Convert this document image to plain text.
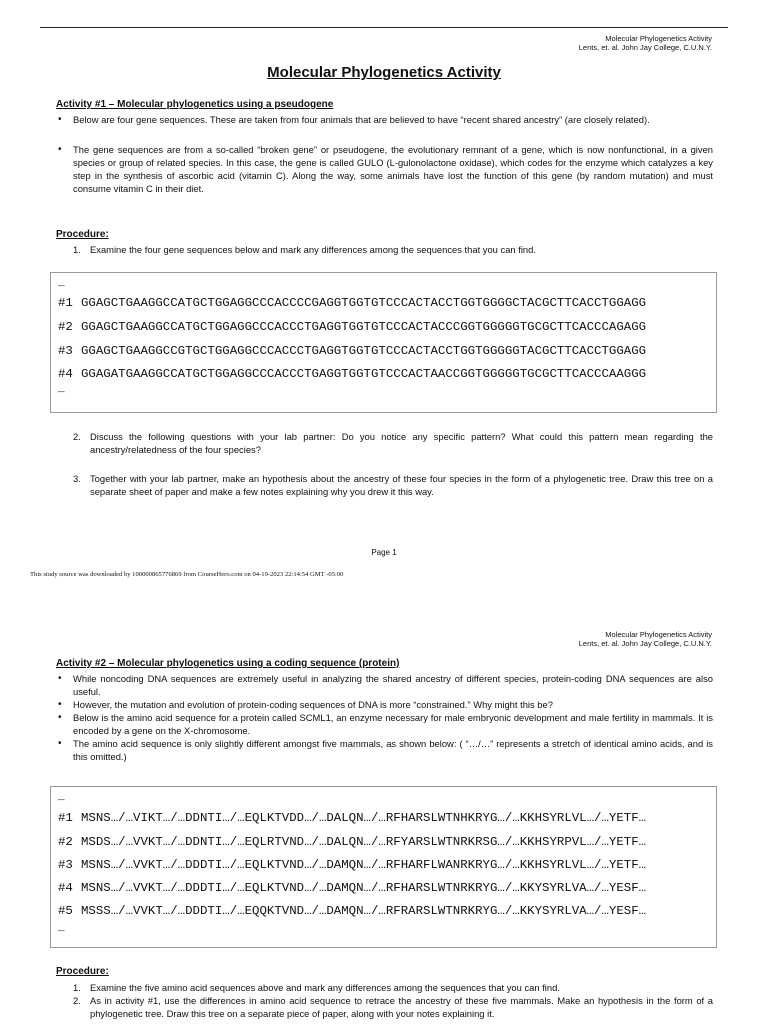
Molecular Phylogenetics Activity
Lents, et. al. John Jay College, C.U.N.Y.
Molecular Phylogenetics Activity
Activity #1 – Molecular phylogenetics using a pseudogene
• Below are four gene sequences. These are taken from four animals that are believed to have “recent shared ancestry” (are closely related).
• The gene sequences are from a so-called “broken gene” or pseudogene, the evolutionary remnant of a gene, which is now nonfunctional, in a given species or group of related species. In this case, the gene is called GULO (L-gulonolactone oxidase), which codes for the enzyme which catalyzes a key step in the synthesis of ascorbic acid (vitamin C). Along the way, some animals have lost the function of this gene (by random mutation) and must consume vitamin C in their diet.
Procedure:
1. Examine the four gene sequences below and mark any differences among the sequences that you can find.
_
#1 GGAGCTGAAGGCCATGCTGGAGGCCCACCCCGAGGTGGTGTCCCACTACCTGGTGGGGCTACGCTTCACCTGGAGG
#2 GGAGCTGAAGGCCATGCTGGAGGCCCACCCTGAGGTGGTGTCCCACTACCCGGTGGGGGTGCGCTTCACCCAGAGG
#3 GGAGCTGAAGGCCGTGCTGGAGGCCCACCCTGAGGTGGTGTCCCACTACCTGGTGGGGGTACGCTTCACCTGGAGG
#4 GGAGATGAAGGCCATGCTGGAGGCCCACCCTGAGGTGGTGTCCCACTAACCGGTGGGGGTGCGCTTCACCCAAGGG
_
2. Discuss the following questions with your lab partner: Do you notice any specific pattern? What could this pattern mean regarding the ancestry/relatedness of the four species?
3. Together with your lab partner, make an hypothesis about the ancestry of these four species in the form of a phylogenetic tree. Draw this tree on a separate sheet of paper and make a few notes explaining why you drew it this way.
Page 1
This study source was downloaded by 100000865776869 from CourseHero.com on 04-19-2023 22:14:54 GMT -05:00
Molecular Phylogenetics Activity
Lents, et. al. John Jay College, C.U.N.Y.
Activity #2 – Molecular phylogenetics using a coding sequence (protein)
• While noncoding DNA sequences are extremely useful in analyzing the shared ancestry of different species, protein-coding DNA sequences are also useful.
• However, the mutation and evolution of protein-coding sequences of DNA is more “constrained.” Why might this be?
• Below is the amino acid sequence for a protein called SCML1, an enzyme necessary for male embryonic development and male fertility in mammals. It is encoded by a gene on the X-chromosome.
• The amino acid sequence is only slightly different amongst five mammals, as shown below: ( “…/…” represents a stretch of identical amino acids, and is this omitted.)
_
#1 MSNS…/…VIKT…/…DDNTI…/…EQLKTVDD…/…DALQN…/…RFHARSLWTNHKRYG…/…KKHSYRLVL…/…YETF…
#2 MSDS…/…VVKT…/…DDNTI…/…EQLRTVND…/…DALQN…/…RFYARSLWTNRKRSG…/…KKHSYRPVL…/…YETF…
#3 MSNS…/…VVKT…/…DDDTI…/…EQLKTVND…/…DAMQN…/…RFHARFLWANRKRYG…/…KKHSYRLVL…/…YETF…
#4 MSNS…/…VVKT…/…DDDTI…/…EQLKTVND…/…DAMQN…/…RFHARSLWTNRKRYG…/…KKYSYRLVA…/…YESF…
#5 MSSS…/…VVKT…/…DDDTI…/…EQQKTVND…/…DAMQN…/…RFRARSLWTNRKRYG…/…KKYSYRLVA…/…YESF…
_
Procedure:
1. Examine the five amino acid sequences above and mark any differences among the sequences that you can find.
2. As in activity #1, use the differences in amino acid sequence to retrace the ancestry of these five mammals. Make an hypothesis in the form of a phylogenetic tree. Draw this tree on a separate piece of paper, along with your notes explaining it.
